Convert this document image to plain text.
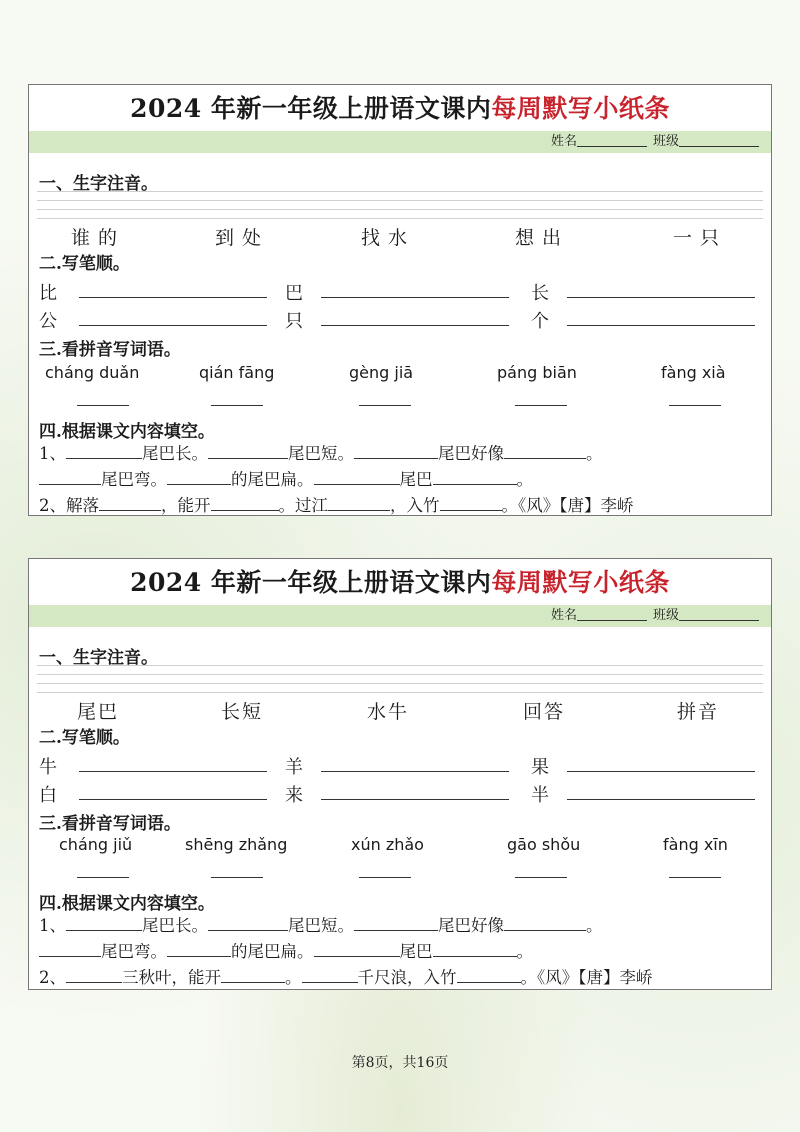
2024 年新一年级上册语文课内每周默写小纸条
姓名	班级
一、生字注音。
谁的	到处	找水	想出	一只
二.写笔顺。
比	巴	长
公	只	个
三.看拼音写词语。
cháng duǎn	qián fāng	gèng jiā	páng biān	fàng xià
四.根据课文内容填空。
1、	尾巴长。	尾巴短。	尾巴好像	。
尾巴弯。	的尾巴扁。	尾巴	。
2、解落	，能开	。过江	，入竹	。《风》【唐】李峤
2024 年新一年级上册语文课内每周默写小纸条
姓名	班级
一、生字注音。
尾巴	长短	水牛	回答	拼音
二.写笔顺。
牛	羊	果
白	来	半
三.看拼音写词语。
cháng jiǔ	shēng zhǎng	xún zhǎo	gāo shǒu	fàng xīn
四.根据课文内容填空。
1、	尾巴长。	尾巴短。	尾巴好像	。
尾巴弯。	的尾巴扁。	尾巴	。
2、	三秋叶，能开	。	千尺浪，入竹	。《风》【唐】李峤
第8页，共16页
